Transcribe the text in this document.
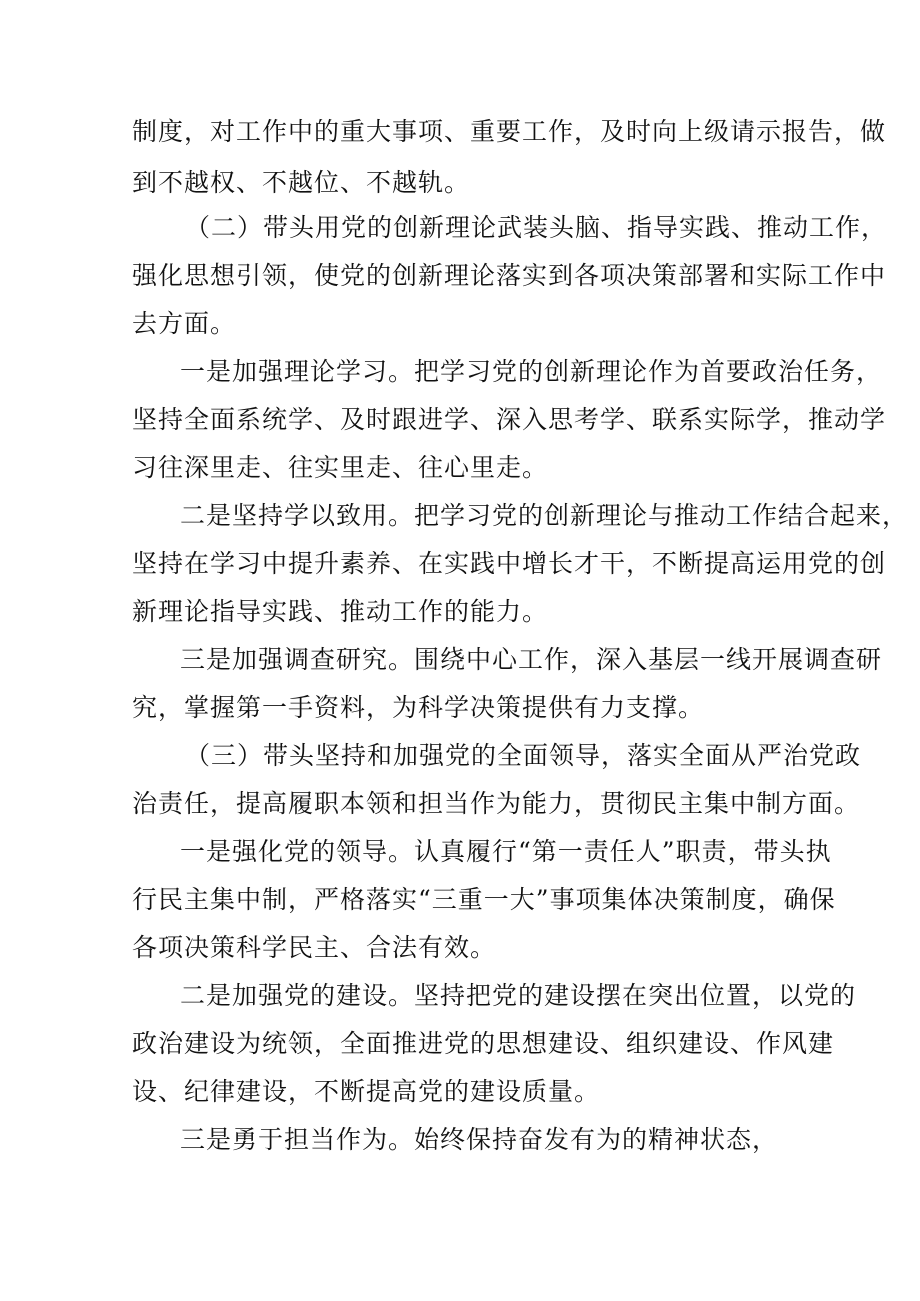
制度，对工作中的重大事项、重要工作，及时向上级请示报告，做
到不越权、不越位、不越轨。
（二）带头用党的创新理论武装头脑、指导实践、推动工作，
强化思想引领，使党的创新理论落实到各项决策部署和实际工作中
去方面。
一是加强理论学习。把学习党的创新理论作为首要政治任务，
坚持全面系统学、及时跟进学、深入思考学、联系实际学，推动学
习往深里走、往实里走、往心里走。
二是坚持学以致用。把学习党的创新理论与推动工作结合起来，
坚持在学习中提升素养、在实践中增长才干，不断提高运用党的创
新理论指导实践、推动工作的能力。
三是加强调查研究。围绕中心工作，深入基层一线开展调查研
究，掌握第一手资料，为科学决策提供有力支撑。
（三）带头坚持和加强党的全面领导，落实全面从严治党政
治责任，提高履职本领和担当作为能力，贯彻民主集中制方面。
一是强化党的领导。认真履行“第一责任人”职责，带头执
行民主集中制，严格落实“三重一大”事项集体决策制度，确保
各项决策科学民主、合法有效。
二是加强党的建设。坚持把党的建设摆在突出位置，以党的
政治建设为统领，全面推进党的思想建设、组织建设、作风建
设、纪律建设，不断提高党的建设质量。
三是勇于担当作为。始终保持奋发有为的精神状态，
